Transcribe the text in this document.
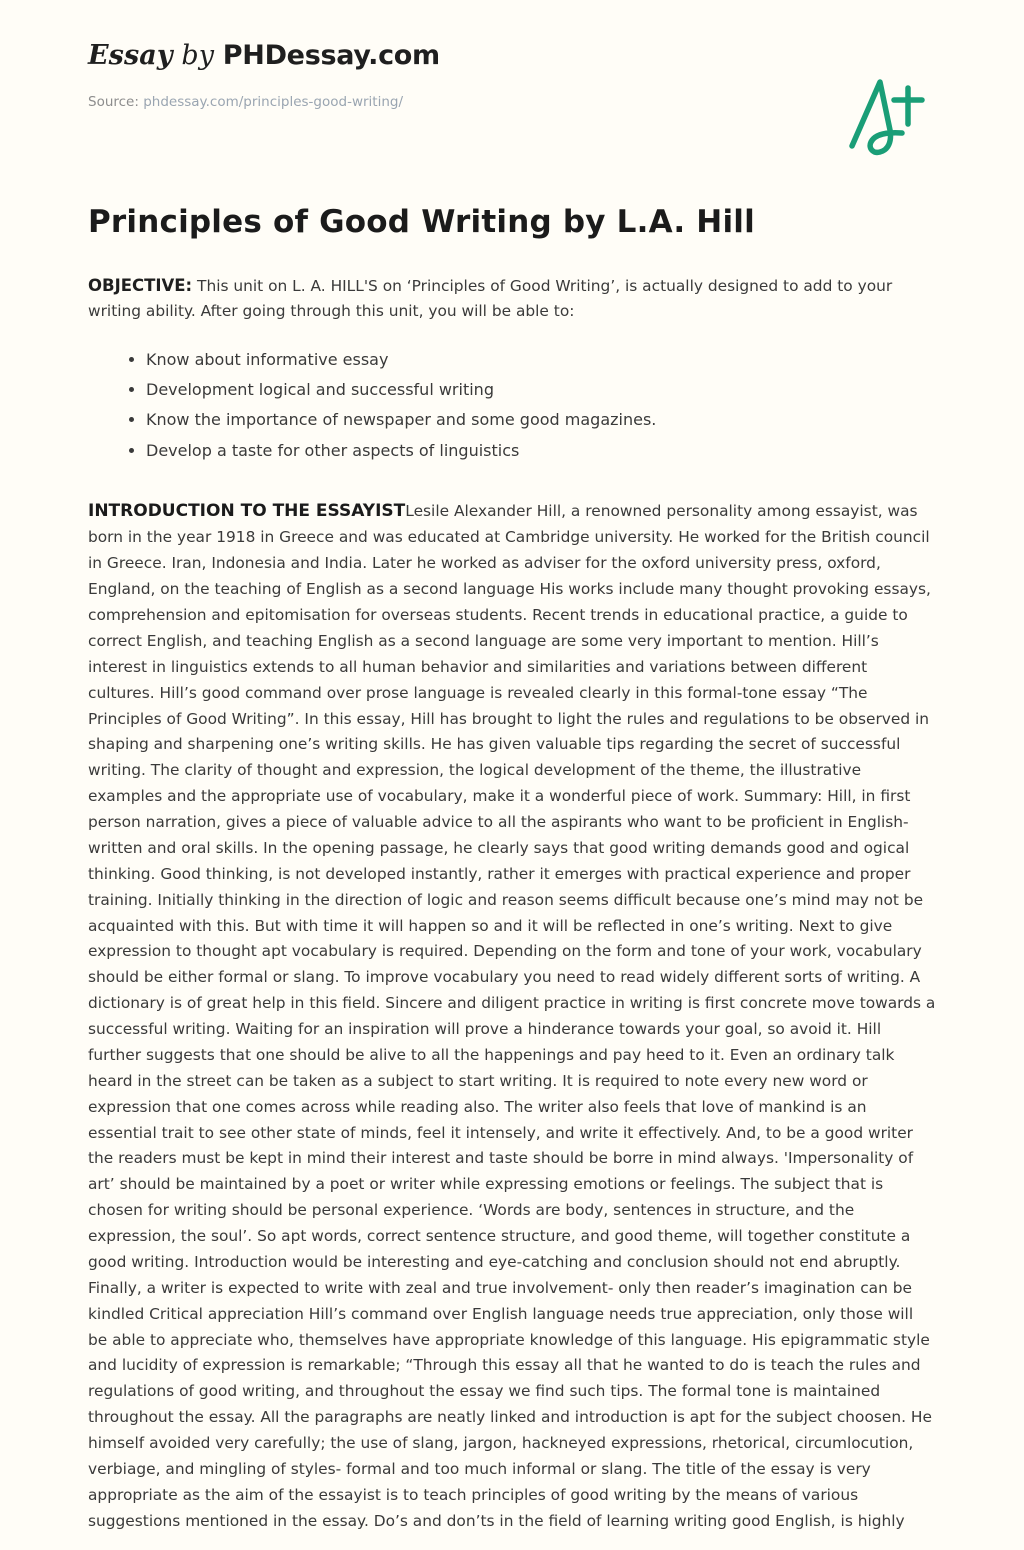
Essay by PHDessay.com
Source: phdessay.com/principles-good-writing/
Principles of Good Writing by L.A. Hill

OBJECTIVE: This unit on L. A. HILL'S on ‘Principles of Good Writing’, is actually designed to add to your writing ability. After going through this unit, you will be able to:

• Know about informative essay
• Development logical and successful writing
• Know the importance of newspaper and some good magazines.
• Develop a taste for other aspects of linguistics

INTRODUCTION TO THE ESSAYISTLesile Alexander Hill, a renowned personality among essayist, was born in the year 1918 in Greece and was educated at Cambridge university. He worked for the British council in Greece. Iran, Indonesia and India. Later he worked as adviser for the oxford university press, oxford, England, on the teaching of English as a second language His works include many thought provoking essays, comprehension and epitomisation for overseas students. Recent trends in educational practice, a guide to correct English, and teaching English as a second language are some very important to mention. Hill’s interest in linguistics extends to all human behavior and similarities and variations between different cultures. Hill’s good command over prose language is revealed clearly in this formal-tone essay “The Principles of Good Writing”. In this essay, Hill has brought to light the rules and regulations to be observed in shaping and sharpening one’s writing skills. He has given valuable tips regarding the secret of successful writing. The clarity of thought and expression, the logical development of the theme, the illustrative examples and the appropriate use of vocabulary, make it a wonderful piece of work. Summary: Hill, in first person narration, gives a piece of valuable advice to all the aspirants who want to be proficient in English-written and oral skills. In the opening passage, he clearly says that good writing demands good and ogical thinking. Good thinking, is not developed instantly, rather it emerges with practical experience and proper training. Initially thinking in the direction of logic and reason seems difficult because one’s mind may not be acquainted with this. But with time it will happen so and it will be reflected in one’s writing. Next to give expression to thought apt vocabulary is required. Depending on the form and tone of your work, vocabulary should be either formal or slang. To improve vocabulary you need to read widely different sorts of writing. A dictionary is of great help in this field. Sincere and diligent practice in writing is first concrete move towards a successful writing. Waiting for an inspiration will prove a hinderance towards your goal, so avoid it. Hill further suggests that one should be alive to all the happenings and pay heed to it. Even an ordinary talk heard in the street can be taken as a subject to start writing. It is required to note every new word or expression that one comes across while reading also. The writer also feels that love of mankind is an essential trait to see other state of minds, feel it intensely, and write it effectively. And, to be a good writer the readers must be kept in mind their interest and taste should be borre in mind always. 'Impersonality of art’ should be maintained by a poet or writer while expressing emotions or feelings. The subject that is chosen for writing should be personal experience. ‘Words are body, sentences in structure, and the expression, the soul’. So apt words, correct sentence structure, and good theme, will together constitute a good writing. Introduction would be interesting and eye-catching and conclusion should not end abruptly. Finally, a writer is expected to write with zeal and true involvement- only then reader’s imagination can be kindled Critical appreciation Hill’s command over English language needs true appreciation, only those will be able to appreciate who, themselves have appropriate knowledge of this language. His epigrammatic style and lucidity of expression is remarkable; “Through this essay all that he wanted to do is teach the rules and regulations of good writing, and throughout the essay we find such tips. The formal tone is maintained throughout the essay. All the paragraphs are neatly linked and introduction is apt for the subject choosen. He himself avoided very carefully; the use of slang, jargon, hackneyed expressions, rhetorical, circumlocution, verbiage, and mingling of styles- formal and too much informal or slang. The title of the essay is very appropriate as the aim of the essayist is to teach principles of good writing by the means of various suggestions mentioned in the essay. Do’s and don’ts in the field of learning writing good English, is highly
